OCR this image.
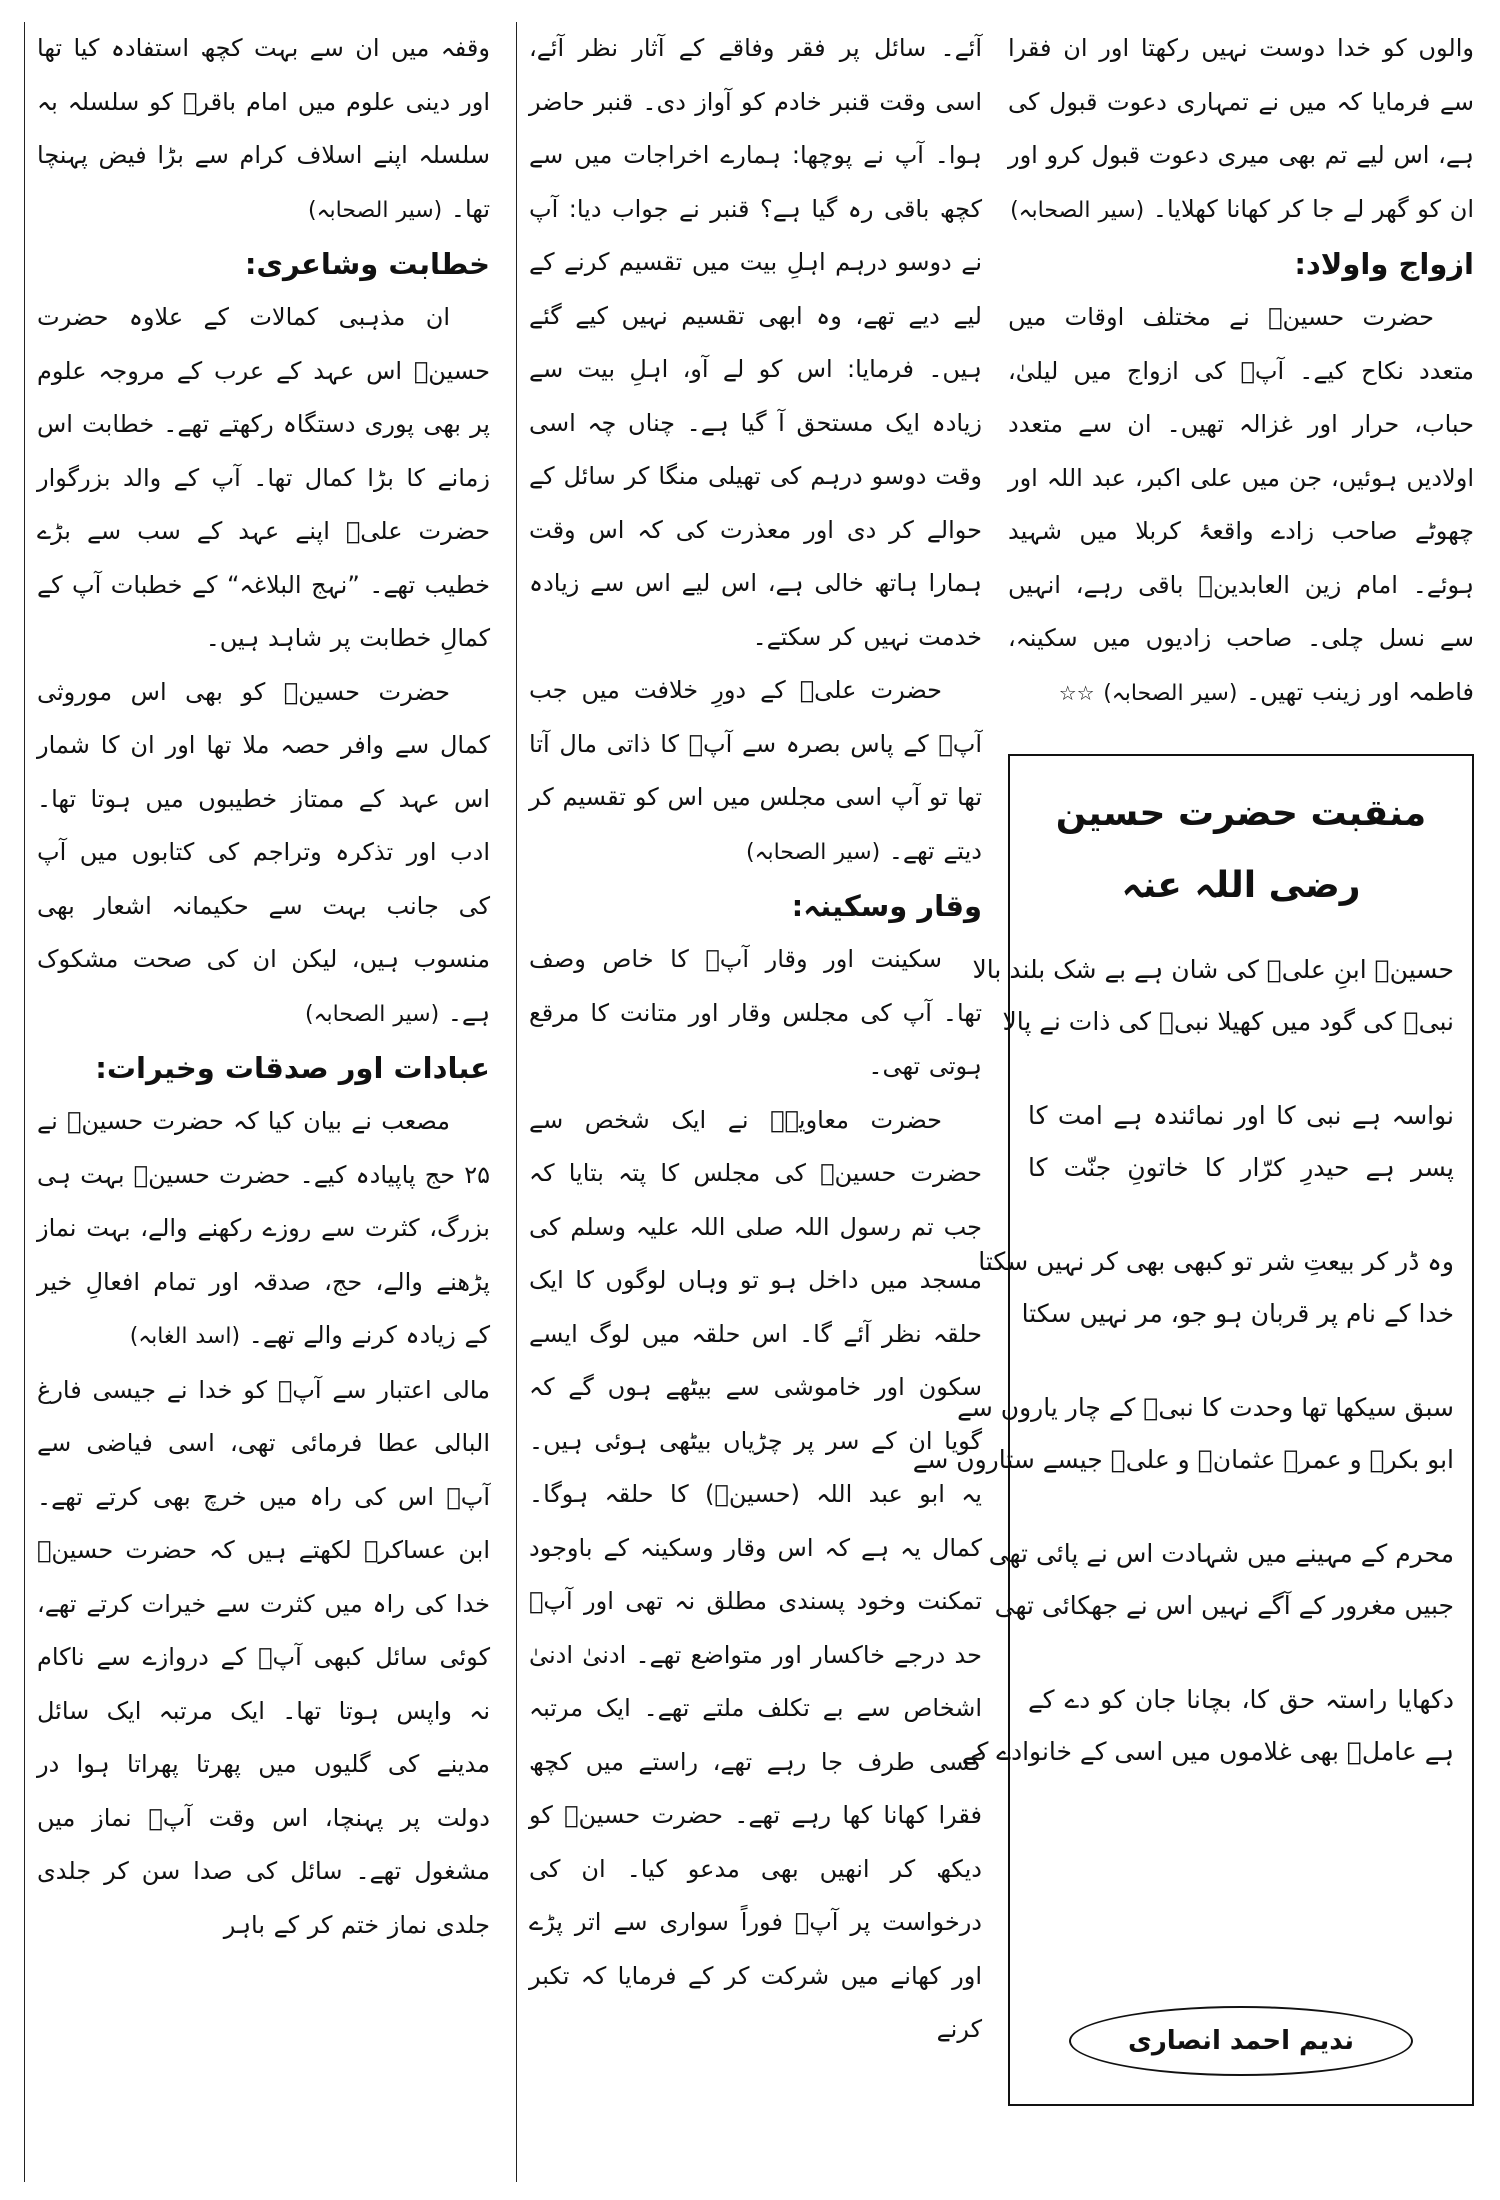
وقفہ میں ان سے بہت کچھ استفادہ کیا تھا اور دینی علوم میں امام باقرؒ کو سلسلہ بہ سلسلہ اپنے اسلاف کرام سے بڑا فیض پہنچا تھا۔ (سیر الصحابہ)

خطابت وشاعری:

ان مذہبی کمالات کے علاوہ حضرت حسینؓ اس عہد کے عرب کے مروجہ علوم پر بھی پوری دستگاہ رکھتے تھے۔ خطابت اس زمانے کا بڑا کمال تھا۔ آپ کے والد بزرگوار حضرت علیؓ اپنے عہد کے سب سے بڑے خطیب تھے۔ ”نہج البلاغہ“ کے خطبات آپ کے کمالِ خطابت پر شاہد ہیں۔

حضرت حسینؓ کو بھی اس موروثی کمال سے وافر حصہ ملا تھا اور ان کا شمار اس عہد کے ممتاز خطیبوں میں ہوتا تھا۔ ادب اور تذکرہ وتراجم کی کتابوں میں آپ کی جانب بہت سے حکیمانہ اشعار بھی منسوب ہیں، لیکن ان کی صحت مشکوک ہے۔ (سیر الصحابہ)

عبادات اور صدقات وخیرات:

مصعب نے بیان کیا کہ حضرت حسینؓ نے ۲۵ حج پاپیادہ کیے۔ حضرت حسینؓ بہت ہی بزرگ، کثرت سے روزے رکھنے والے، بہت نماز پڑھنے والے، حج، صدقہ اور تمام افعالِ خیر کے زیادہ کرنے والے تھے۔ (اسد الغابہ)

مالی اعتبار سے آپؓ کو خدا نے جیسی فارغ البالی عطا فرمائی تھی، اسی فیاضی سے آپؓ اس کی راہ میں خرچ بھی کرتے تھے۔ ابن عساکرؒ لکھتے ہیں کہ حضرت حسینؓ خدا کی راہ میں کثرت سے خیرات کرتے تھے، کوئی سائل کبھی آپؓ کے دروازے سے ناکام نہ واپس ہوتا تھا۔ ایک مرتبہ ایک سائل مدینے کی گلیوں میں پھرتا پھراتا ہوا در دولت پر پہنچا، اس وقت آپؓ نماز میں مشغول تھے۔ سائل کی صدا سن کر جلدی جلدی نماز ختم کر کے باہر

آئے۔ سائل پر فقر وفاقے کے آثار نظر آئے، اسی وقت قنبر خادم کو آواز دی۔ قنبر حاضر ہوا۔ آپ نے پوچھا: ہمارے اخراجات میں سے کچھ باقی رہ گیا ہے؟ قنبر نے جواب دیا: آپ نے دوسو درہم اہلِ بیت میں تقسیم کرنے کے لیے دیے تھے، وہ ابھی تقسیم نہیں کیے گئے ہیں۔ فرمایا: اس کو لے آو، اہلِ بیت سے زیادہ ایک مستحق آ گیا ہے۔ چناں چہ اسی وقت دوسو درہم کی تھیلی منگا کر سائل کے حوالے کر دی اور معذرت کی کہ اس وقت ہمارا ہاتھ خالی ہے، اس لیے اس سے زیادہ خدمت نہیں کر سکتے۔

حضرت علیؓ کے دورِ خلافت میں جب آپؓ کے پاس بصرہ سے آپؓ کا ذاتی مال آتا تھا تو آپ اسی مجلس میں اس کو تقسیم کر دیتے تھے۔ (سیر الصحابہ)

وقار وسکینہ:

سکینت اور وقار آپؓ کا خاص وصف تھا۔ آپ کی مجلس وقار اور متانت کا مرقع ہوتی تھی۔

حضرت معاویہؓ نے ایک شخص سے حضرت حسینؓ کی مجلس کا پتہ بتایا کہ جب تم رسول اللہ صلی اللہ علیہ وسلم کی مسجد میں داخل ہو تو وہاں لوگوں کا ایک حلقہ نظر آئے گا۔ اس حلقہ میں لوگ ایسے سکون اور خاموشی سے بیٹھے ہوں گے کہ گویا ان کے سر پر چڑیاں بیٹھی ہوئی ہیں۔ یہ ابو عبد اللہ (حسینؓ) کا حلقہ ہوگا۔ کمال یہ ہے کہ اس وقار وسکینہ کے باوجود تمکنت وخود پسندی مطلق نہ تھی اور آپؓ حد درجے خاکسار اور متواضع تھے۔ ادنیٰ ادنیٰ اشخاص سے بے تکلف ملتے تھے۔ ایک مرتبہ کسی طرف جا رہے تھے، راستے میں کچھ فقرا کھانا کھا رہے تھے۔ حضرت حسینؓ کو دیکھ کر انھیں بھی مدعو کیا۔ ان کی درخواست پر آپؓ فوراً سواری سے اتر پڑے اور کھانے میں شرکت کر کے فرمایا کہ تکبر کرنے

والوں کو خدا دوست نہیں رکھتا اور ان فقرا سے فرمایا کہ میں نے تمہاری دعوت قبول کی ہے، اس لیے تم بھی میری دعوت قبول کرو اور ان کو گھر لے جا کر کھانا کھلایا۔ (سیر الصحابہ)

ازواج واولاد:

حضرت حسینؓ نے مختلف اوقات میں متعدد نکاح کیے۔ آپؓ کی ازواج میں لیلیٰ، حباب، حرار اور غزالہ تھیں۔ ان سے متعدد اولادیں ہوئیں، جن میں علی اکبر، عبد اللہ اور چھوٹے صاحب زادے واقعۂ کربلا میں شہید ہوئے۔ امام زین العابدینؒ باقی رہے، انہیں سے نسل چلی۔ صاحب زادیوں میں سکینہ، فاطمہ اور زینب تھیں۔ (سیر الصحابہ) ☆☆

منقبت حضرت حسین رضی اللہ عنہ

حسینؓ ابنِ علیؓ کی شان ہے بے شک بلند بالا

نبیؐ کی گود میں کھیلا نبیؐ کی ذات نے پالا

نواسہ ہے نبی کا اور نمائندہ ہے امت کا

پسر ہے حیدرِ کرّار کا خاتونِ جنّت کا

وہ ڈر کر بیعتِ شر تو کبھی بھی کر نہیں سکتا

خدا کے نام پر قربان ہو جو، مر نہیں سکتا

سبق سیکھا تھا وحدت کا نبیؐ کے چار یاروں سے

ابو بکرؓ و عمرؓ عثمانؓ و علیؓ جیسے ستاروں سے

محرم کے مہینے میں شہادت اس نے پائی تھی

جبیں مغرور کے آگے نہیں اس نے جھکائی تھی

دکھایا راستہ حق کا، بچانا جان کو دے کے

ہے عاملؔ بھی غلاموں میں اسی کے خانوادے کے

ندیم احمد انصاری
